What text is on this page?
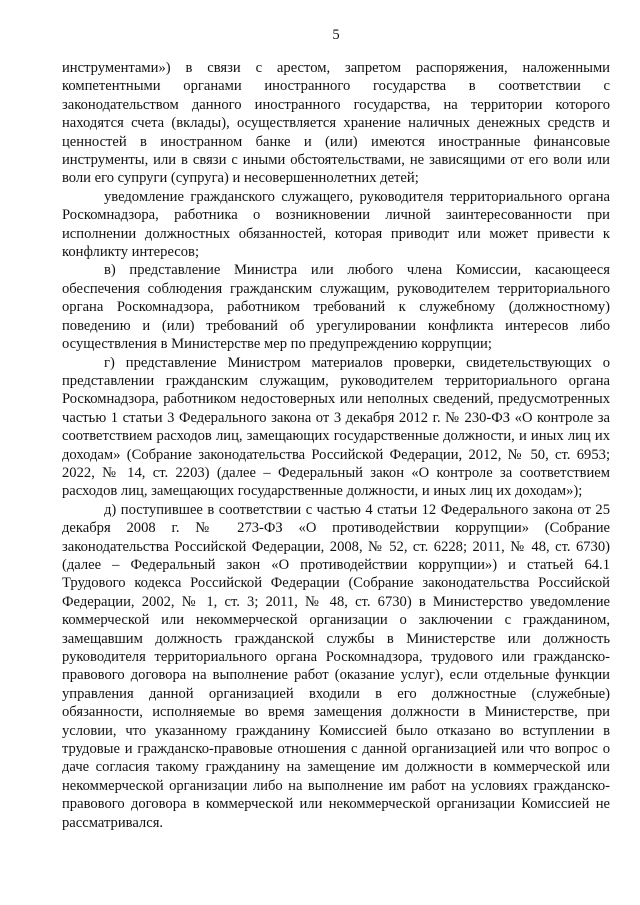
5

инструментами») в связи с арестом, запретом распоряжения, наложенными компетентными органами иностранного государства в соответствии с законодательством данного иностранного государства, на территории которого находятся счета (вклады), осуществляется хранение наличных денежных средств и ценностей в иностранном банке и (или) имеются иностранные финансовые инструменты, или в связи с иными обстоятельствами, не зависящими от его воли или воли его супруги (супруга) и несовершеннолетних детей;

уведомление гражданского служащего, руководителя территориального органа Роскомнадзора, работника о возникновении личной заинтересованности при исполнении должностных обязанностей, которая приводит или может привести к конфликту интересов;

в) представление Министра или любого члена Комиссии, касающееся обеспечения соблюдения гражданским служащим, руководителем территориального органа Роскомнадзора, работником требований к служебному (должностному) поведению и (или) требований об урегулировании конфликта интересов либо осуществления в Министерстве мер по предупреждению коррупции;

г) представление Министром материалов проверки, свидетельствующих о представлении гражданским служащим, руководителем территориального органа Роскомнадзора, работником недостоверных или неполных сведений, предусмотренных частью 1 статьи 3 Федерального закона от 3 декабря 2012 г. № 230-ФЗ «О контроле за соответствием расходов лиц, замещающих государственные должности, и иных лиц их доходам» (Собрание законодательства Российской Федерации, 2012, № 50, ст. 6953; 2022, № 14, ст. 2203) (далее – Федеральный закон «О контроле за соответствием расходов лиц, замещающих государственные должности, и иных лиц их доходам»);

д) поступившее в соответствии с частью 4 статьи 12 Федерального закона от 25 декабря 2008 г. № 273-ФЗ «О противодействии коррупции» (Собрание законодательства Российской Федерации, 2008, № 52, ст. 6228; 2011, № 48, ст. 6730) (далее – Федеральный закон «О противодействии коррупции») и статьей 64.1 Трудового кодекса Российской Федерации (Собрание законодательства Российской Федерации, 2002, № 1, ст. 3; 2011, № 48, ст. 6730) в Министерство уведомление коммерческой или некоммерческой организации о заключении с гражданином, замещавшим должность гражданской службы в Министерстве или должность руководителя территориального органа Роскомнадзора, трудового или гражданско-правового договора на выполнение работ (оказание услуг), если отдельные функции управления данной организацией входили в его должностные (служебные) обязанности, исполняемые во время замещения должности в Министерстве, при условии, что указанному гражданину Комиссией было отказано во вступлении в трудовые и гражданско-правовые отношения с данной организацией или что вопрос о даче согласия такому гражданину на замещение им должности в коммерческой или некоммерческой организации либо на выполнение им работ на условиях гражданско-правового договора в коммерческой или некоммерческой организации Комиссией не рассматривался.
